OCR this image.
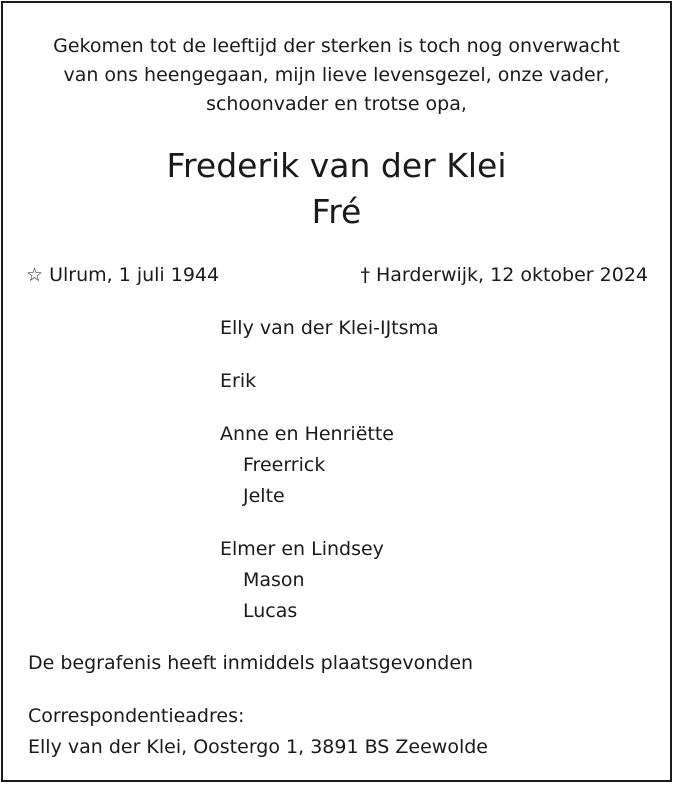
Gekomen tot de leeftijd der sterken is toch nog onverwacht
van ons heengegaan, mijn lieve levensgezel, onze vader,
schoonvader en trotse opa,
Frederik van der Klei
Fré
☆ Ulrum, 1 juli 1944	† Harderwijk, 12 oktober 2024
Elly van der Klei-IJtsma
Erik
Anne en Henriëtte
Freerrick
Jelte
Elmer en Lindsey
Mason
Lucas
De begrafenis heeft inmiddels plaatsgevonden
Correspondentieadres:
Elly van der Klei, Oostergo 1, 3891 BS Zeewolde
